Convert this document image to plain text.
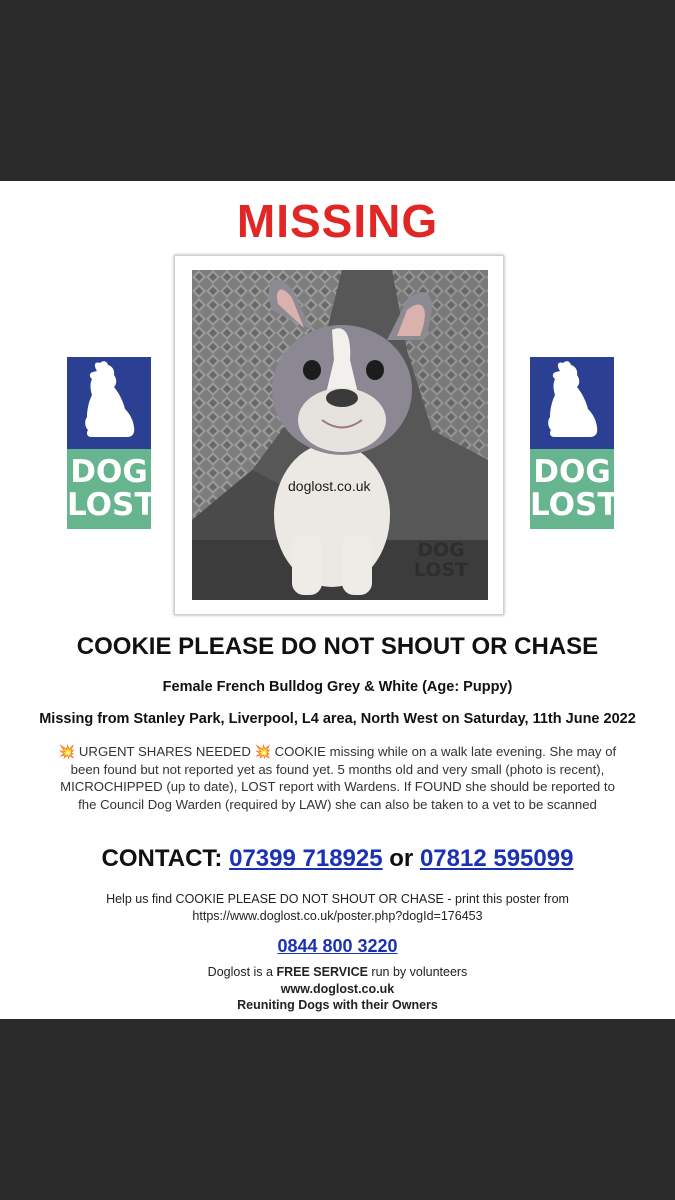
MISSING
DOG
LOST
DOG
LOST
doglost.co.uk
DOG
LOST
COOKIE PLEASE DO NOT SHOUT OR CHASE
Female French Bulldog Grey & White (Age: Puppy)
Missing from Stanley Park, Liverpool, L4 area, North West on Saturday, 11th June 2022
💥 URGENT SHARES NEEDED 💥 COOKIE missing while on a walk late evening. She may of
been found but not reported yet as found yet. 5 months old and very small (photo is recent),
MICROCHIPPED (up to date), LOST report with Wardens. If FOUND she should be reported to
fhe Council Dog Warden (required by LAW) she can also be taken to a vet to be scanned
CONTACT: 07399 718925 or 07812 595099
Help us find COOKIE PLEASE DO NOT SHOUT OR CHASE - print this poster from
https://www.doglost.co.uk/poster.php?dogId=176453
0844 800 3220
Doglost is a FREE SERVICE run by volunteers
www.doglost.co.uk
Reuniting Dogs with their Owners
